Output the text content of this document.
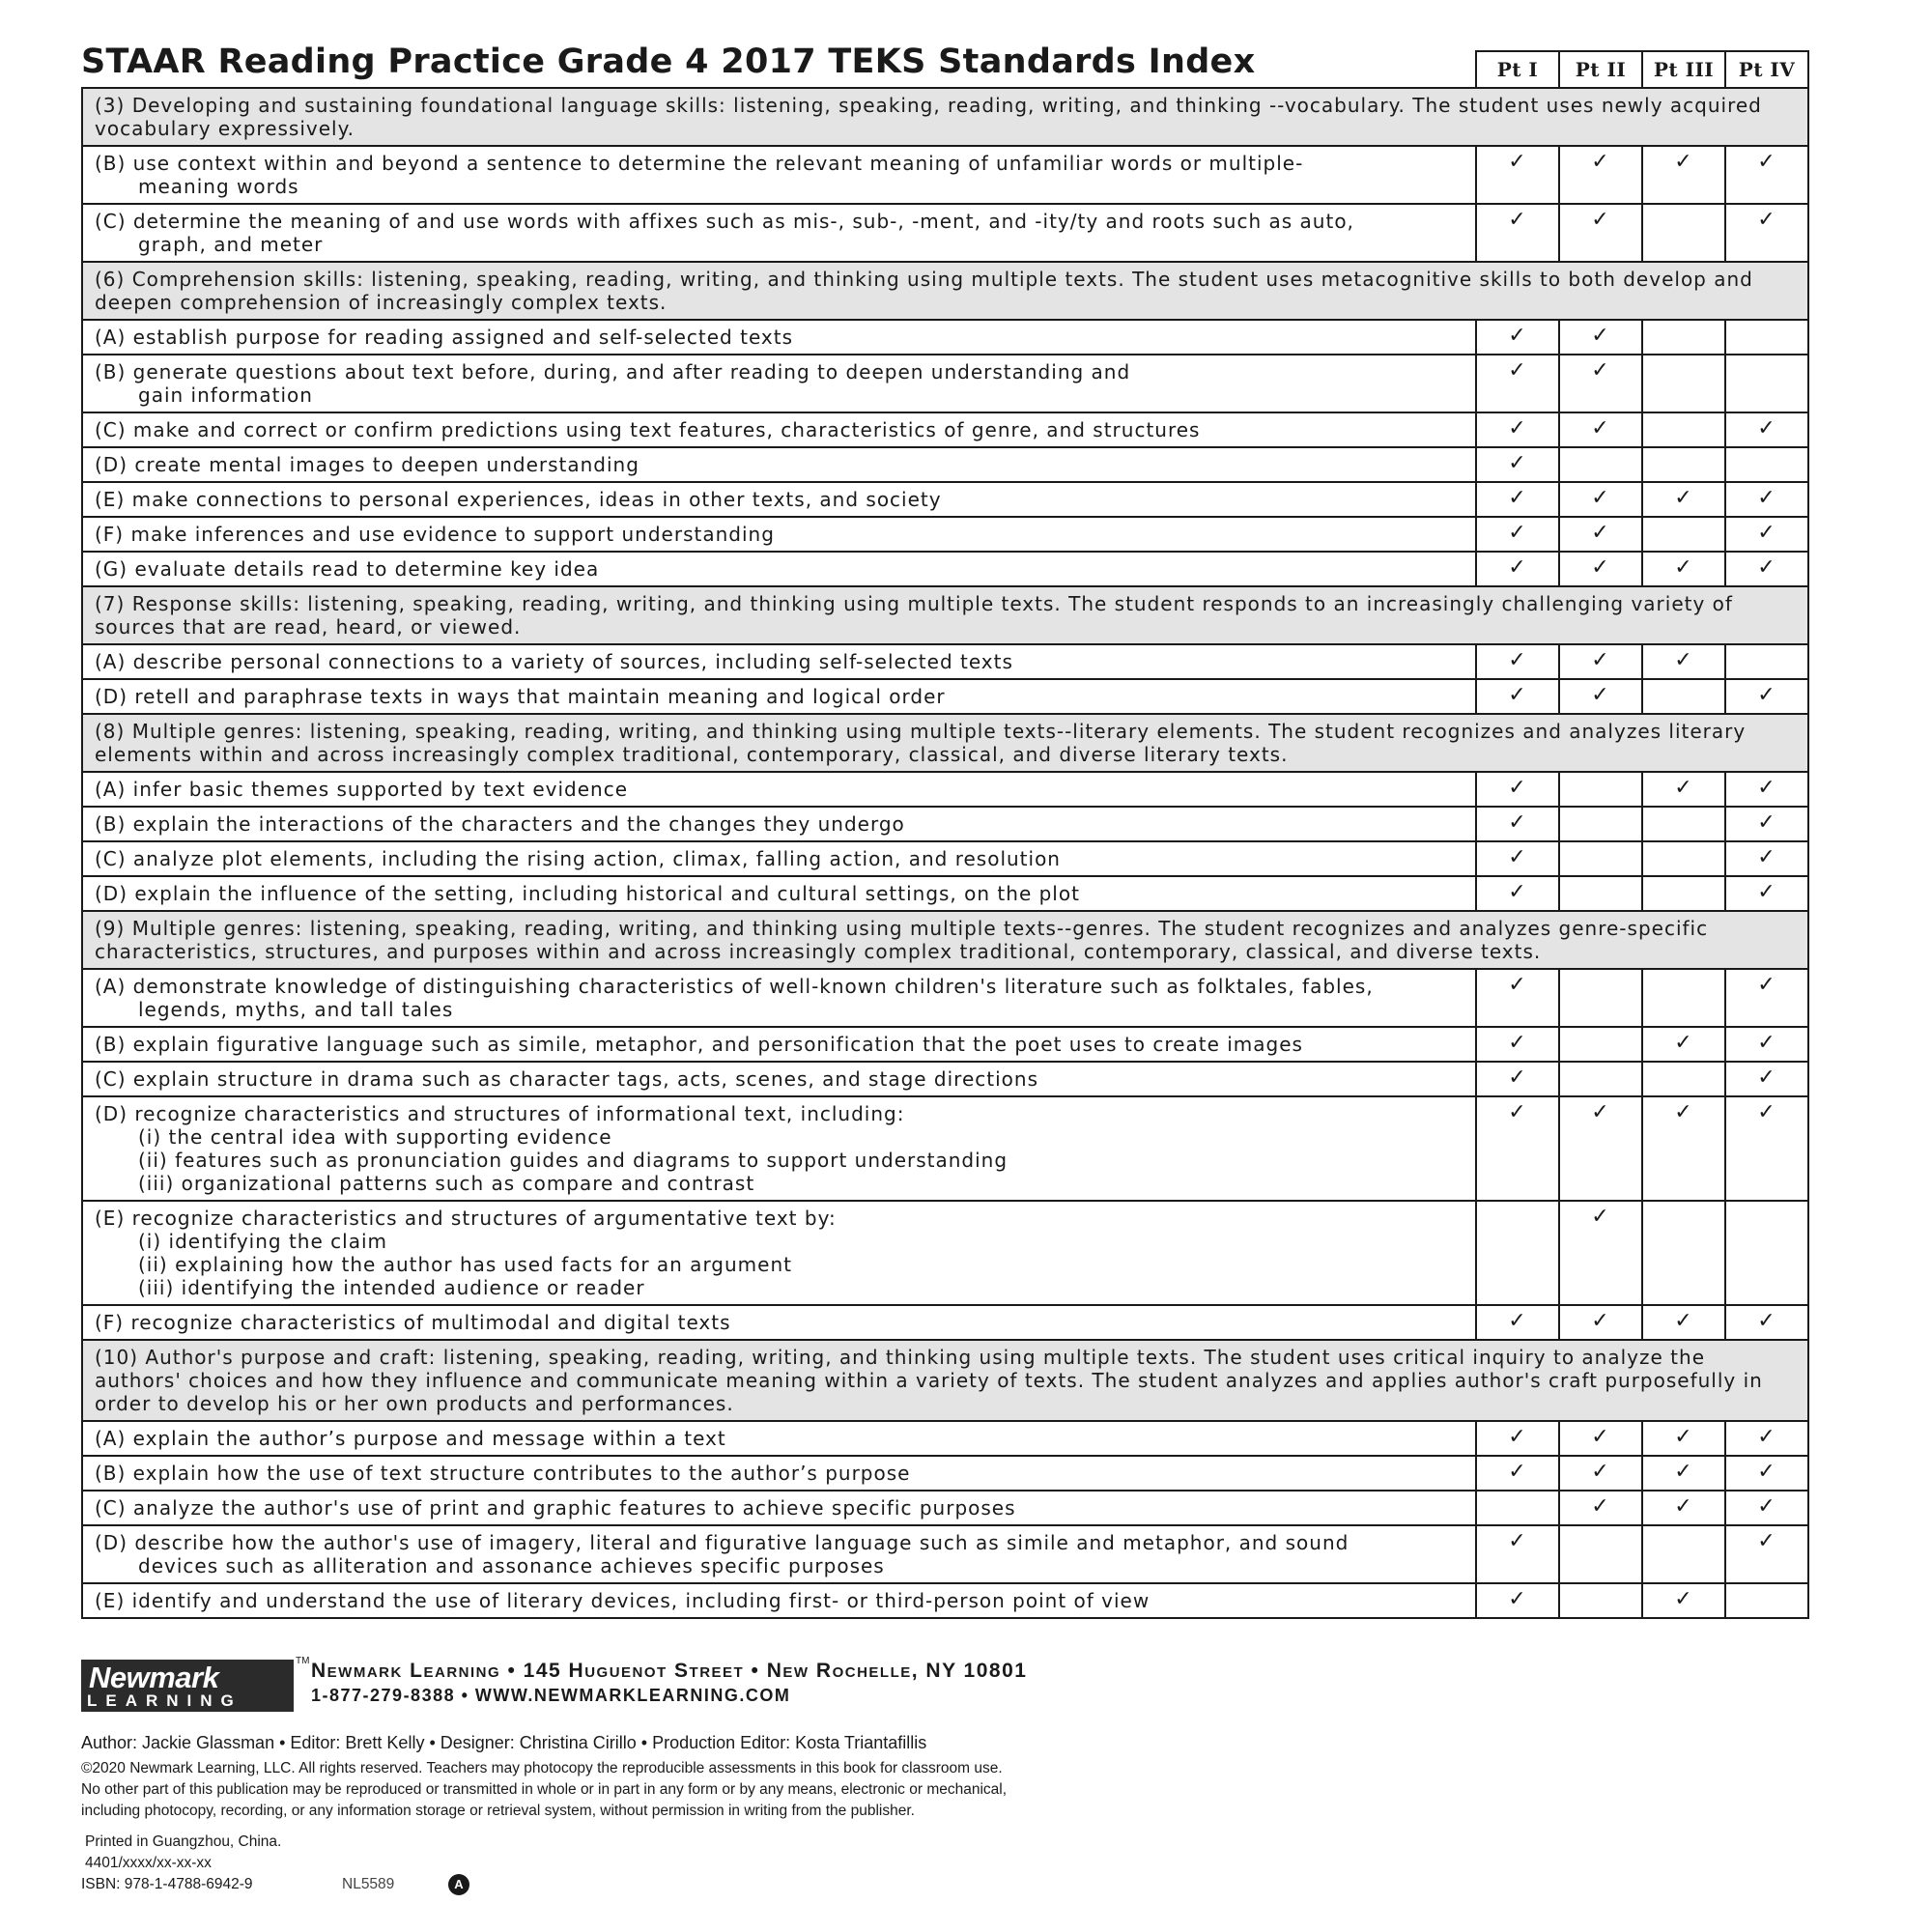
STAAR Reading Practice Grade 4 2017 TEKS Standards Index
		Pt I	Pt II	Pt III	Pt IV

(3) Developing and sustaining foundational language skills: listening, speaking, reading, writing, and thinking --vocabulary. The student uses newly acquired vocabulary expressively.				

(B) use context within and beyond a sentence to determine the relevant meaning of unfamiliar words or multiple-
meaning words	✓	✓	✓	✓

(C) determine the meaning of and use words with affixes such as mis-, sub-, -ment, and -ity/ty and roots such as auto,
graph, and meter	✓	✓		✓

(6) Comprehension skills: listening, speaking, reading, writing, and thinking using multiple texts. The student uses metacognitive skills to both develop and deepen comprehension of increasingly complex texts.				

(A) establish purpose for reading assigned and self-selected texts	✓	✓		

(B) generate questions about text before, during, and after reading to deepen understanding and
gain information	✓	✓		

(C) make and correct or confirm predictions using text features, characteristics of genre, and structures	✓	✓		✓

(D) create mental images to deepen understanding	✓			

(E) make connections to personal experiences, ideas in other texts, and society	✓	✓	✓	✓

(F) make inferences and use evidence to support understanding	✓	✓		✓

(G) evaluate details read to determine key idea	✓	✓	✓	✓

(7) Response skills: listening, speaking, reading, writing, and thinking using multiple texts. The student responds to an increasingly challenging variety of sources that are read, heard, or viewed.				

(A) describe personal connections to a variety of sources, including self-selected texts	✓	✓	✓	

(D) retell and paraphrase texts in ways that maintain meaning and logical order	✓	✓		✓

(8) Multiple genres: listening, speaking, reading, writing, and thinking using multiple texts--literary elements. The student recognizes and analyzes literary elements within and across increasingly complex traditional, contemporary, classical, and diverse literary texts.				

(A) infer basic themes supported by text evidence	✓		✓	✓

(B) explain the interactions of the characters and the changes they undergo	✓			✓

(C) analyze plot elements, including the rising action, climax, falling action, and resolution	✓			✓

(D) explain the influence of the setting, including historical and cultural settings, on the plot	✓			✓

(9) Multiple genres: listening, speaking, reading, writing, and thinking using multiple texts--genres. The student recognizes and analyzes genre-specific characteristics, structures, and purposes within and across increasingly complex traditional, contemporary, classical, and diverse texts.				

(A) demonstrate knowledge of distinguishing characteristics of well-known children's literature such as folktales, fables,
legends, myths, and tall tales	✓			✓

(B) explain figurative language such as simile, metaphor, and personification that the poet uses to create images	✓		✓	✓

(C) explain structure in drama such as character tags, acts, scenes, and stage directions	✓			✓

(D) recognize characteristics and structures of informational text, including:
(i) the central idea with supporting evidence
(ii) features such as pronunciation guides and diagrams to support understanding
(iii) organizational patterns such as compare and contrast	✓	✓	✓	✓

(E) recognize characteristics and structures of argumentative text by:
(i) identifying the claim
(ii) explaining how the author has used facts for an argument
(iii) identifying the intended audience or reader		✓		

(F) recognize characteristics of multimodal and digital texts	✓	✓	✓	✓

(10) Author's purpose and craft: listening, speaking, reading, writing, and thinking using multiple texts. The student uses critical inquiry to analyze the authors' choices and how they influence and communicate meaning within a variety of texts. The student analyzes and applies author's craft purposefully in order to develop his or her own products and performances.				

(A) explain the author’s purpose and message within a text	✓	✓	✓	✓

(B) explain how the use of text structure contributes to the author’s purpose	✓	✓	✓	✓

(C) analyze the author's use of print and graphic features to achieve specific purposes		✓	✓	✓

(D) describe how the author's use of imagery, literal and figurative language such as simile and metaphor, and sound
devices such as alliteration and assonance achieves specific purposes	✓			✓

(E) identify and understand the use of literary devices, including first- or third-person point of view	✓		✓	
Newmark
LEARNING
TM Newmark Learning • 145 Huguenot Street • New Rochelle, NY 10801
1-877-279-8388 • WWW.NEWMARKLEARNING.COM
Author: Jackie Glassman • Editor: Brett Kelly • Designer: Christina Cirillo • Production Editor: Kosta Triantafillis
©2020 Newmark Learning, LLC. All rights reserved. Teachers may photocopy the reproducible assessments in this book for classroom use.
No other part of this publication may be reproduced or transmitted in whole or in part in any form or by any means, electronic or mechanical,
including photocopy, recording, or any information storage or retrieval system, without permission in writing from the publisher.
Printed in Guangzhou, China.
4401/xxxx/xx-xx-xx
ISBN: 978-1-4788-6942-9	NL5589	A
